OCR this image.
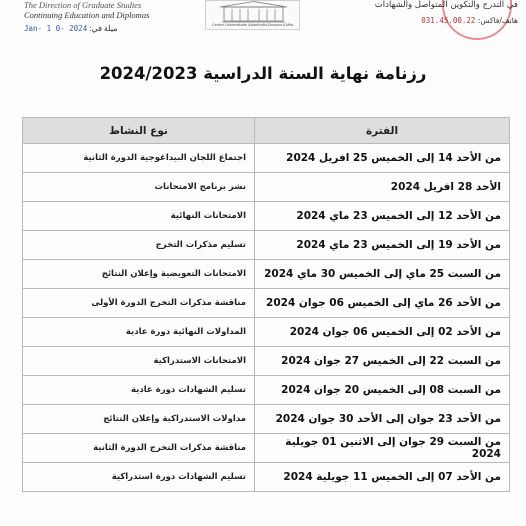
The Direction of Graduate Studies
Continuing Education and Diplomas
ميلة في: 2024 -Jan- 1 0	Centre Universitaire Abdelhafid Boussouf Mila
في التدرج والتكوين المتواصل والشهادات
هاتف/فاكس: 031.45.00.22
رزنامة نهاية السنة الدراسية 2024/2023
الفترة	نوع النشاط
من الأحد 14 إلى الخميس 25 افريل 2024	اجتماع اللجان البيداغوجية الدورة الثانية
الأحد 28 افريل 2024	نشر برنامج الامتحانات
من الأحد 12 إلى الخميس 23 ماي 2024	الامتحانات النهائية
من الأحد 19 إلى الخميس 23 ماي 2024	تسليم مذكرات التخرج
من السبت 25 ماي إلى الخميس 30 ماي 2024	الامتحانات التعويضية وإعلان النتائج
من الأحد 26 ماي إلى الخميس 06 جوان 2024	مناقشة مذكرات التخرج الدورة الأولى
من الأحد 02 إلى الخميس 06 جوان 2024	المداولات النهائية دورة عادية
من السبت 22 إلى الخميس 27 جوان 2024	الامتحانات الاستدراكية
من السبت 08 إلى الخميس 20 جوان 2024	تسليم الشهادات دورة عادية
من الأحد 23 جوان إلى الأحد 30 جوان 2024	مداولات الاستدراكية وإعلان النتائج
من السبت 29 جوان إلى الاثنين 01 جويلية 2024	مناقشة مذكرات التخرج الدورة الثانية
من الأحد 07 إلى الخميس 11 جويلية 2024	تسليم الشهادات دورة استدراكية
